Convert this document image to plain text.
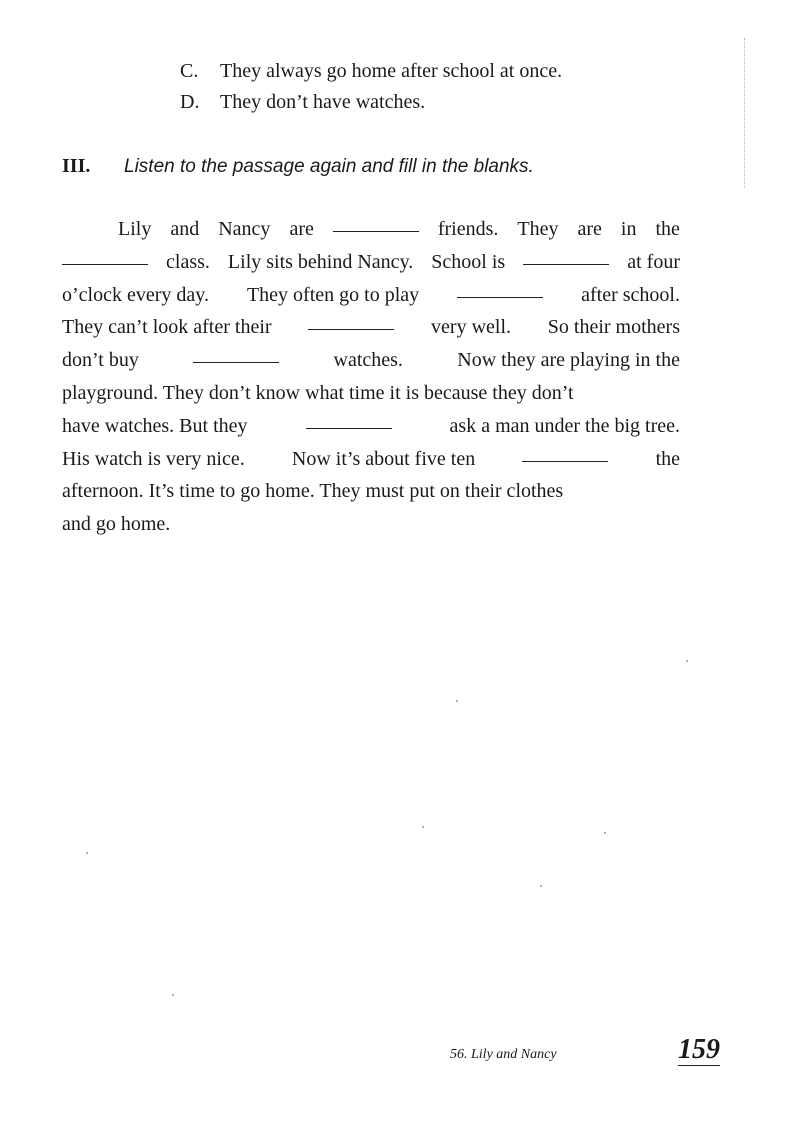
C. They always go home after school at once.
D. They don’t have watches.
III. Listen to the passage again and fill in the blanks.
Lily and Nancy are	friends. They are in the
class. Lily sits behind Nancy. School is	at four
o’clock every day. They often go to play	after school.
They can’t look after their	very well. So their mothers
don’t buy	watches.	Now they are playing in the
playground. They don’t know what time it is because they don’t
have watches. But they	ask a man under the big tree.
His watch is very nice. Now it’s about five ten	the
afternoon. It’s time to go home. They must put on their clothes
and go home.
56. Lily and Nancy	159
